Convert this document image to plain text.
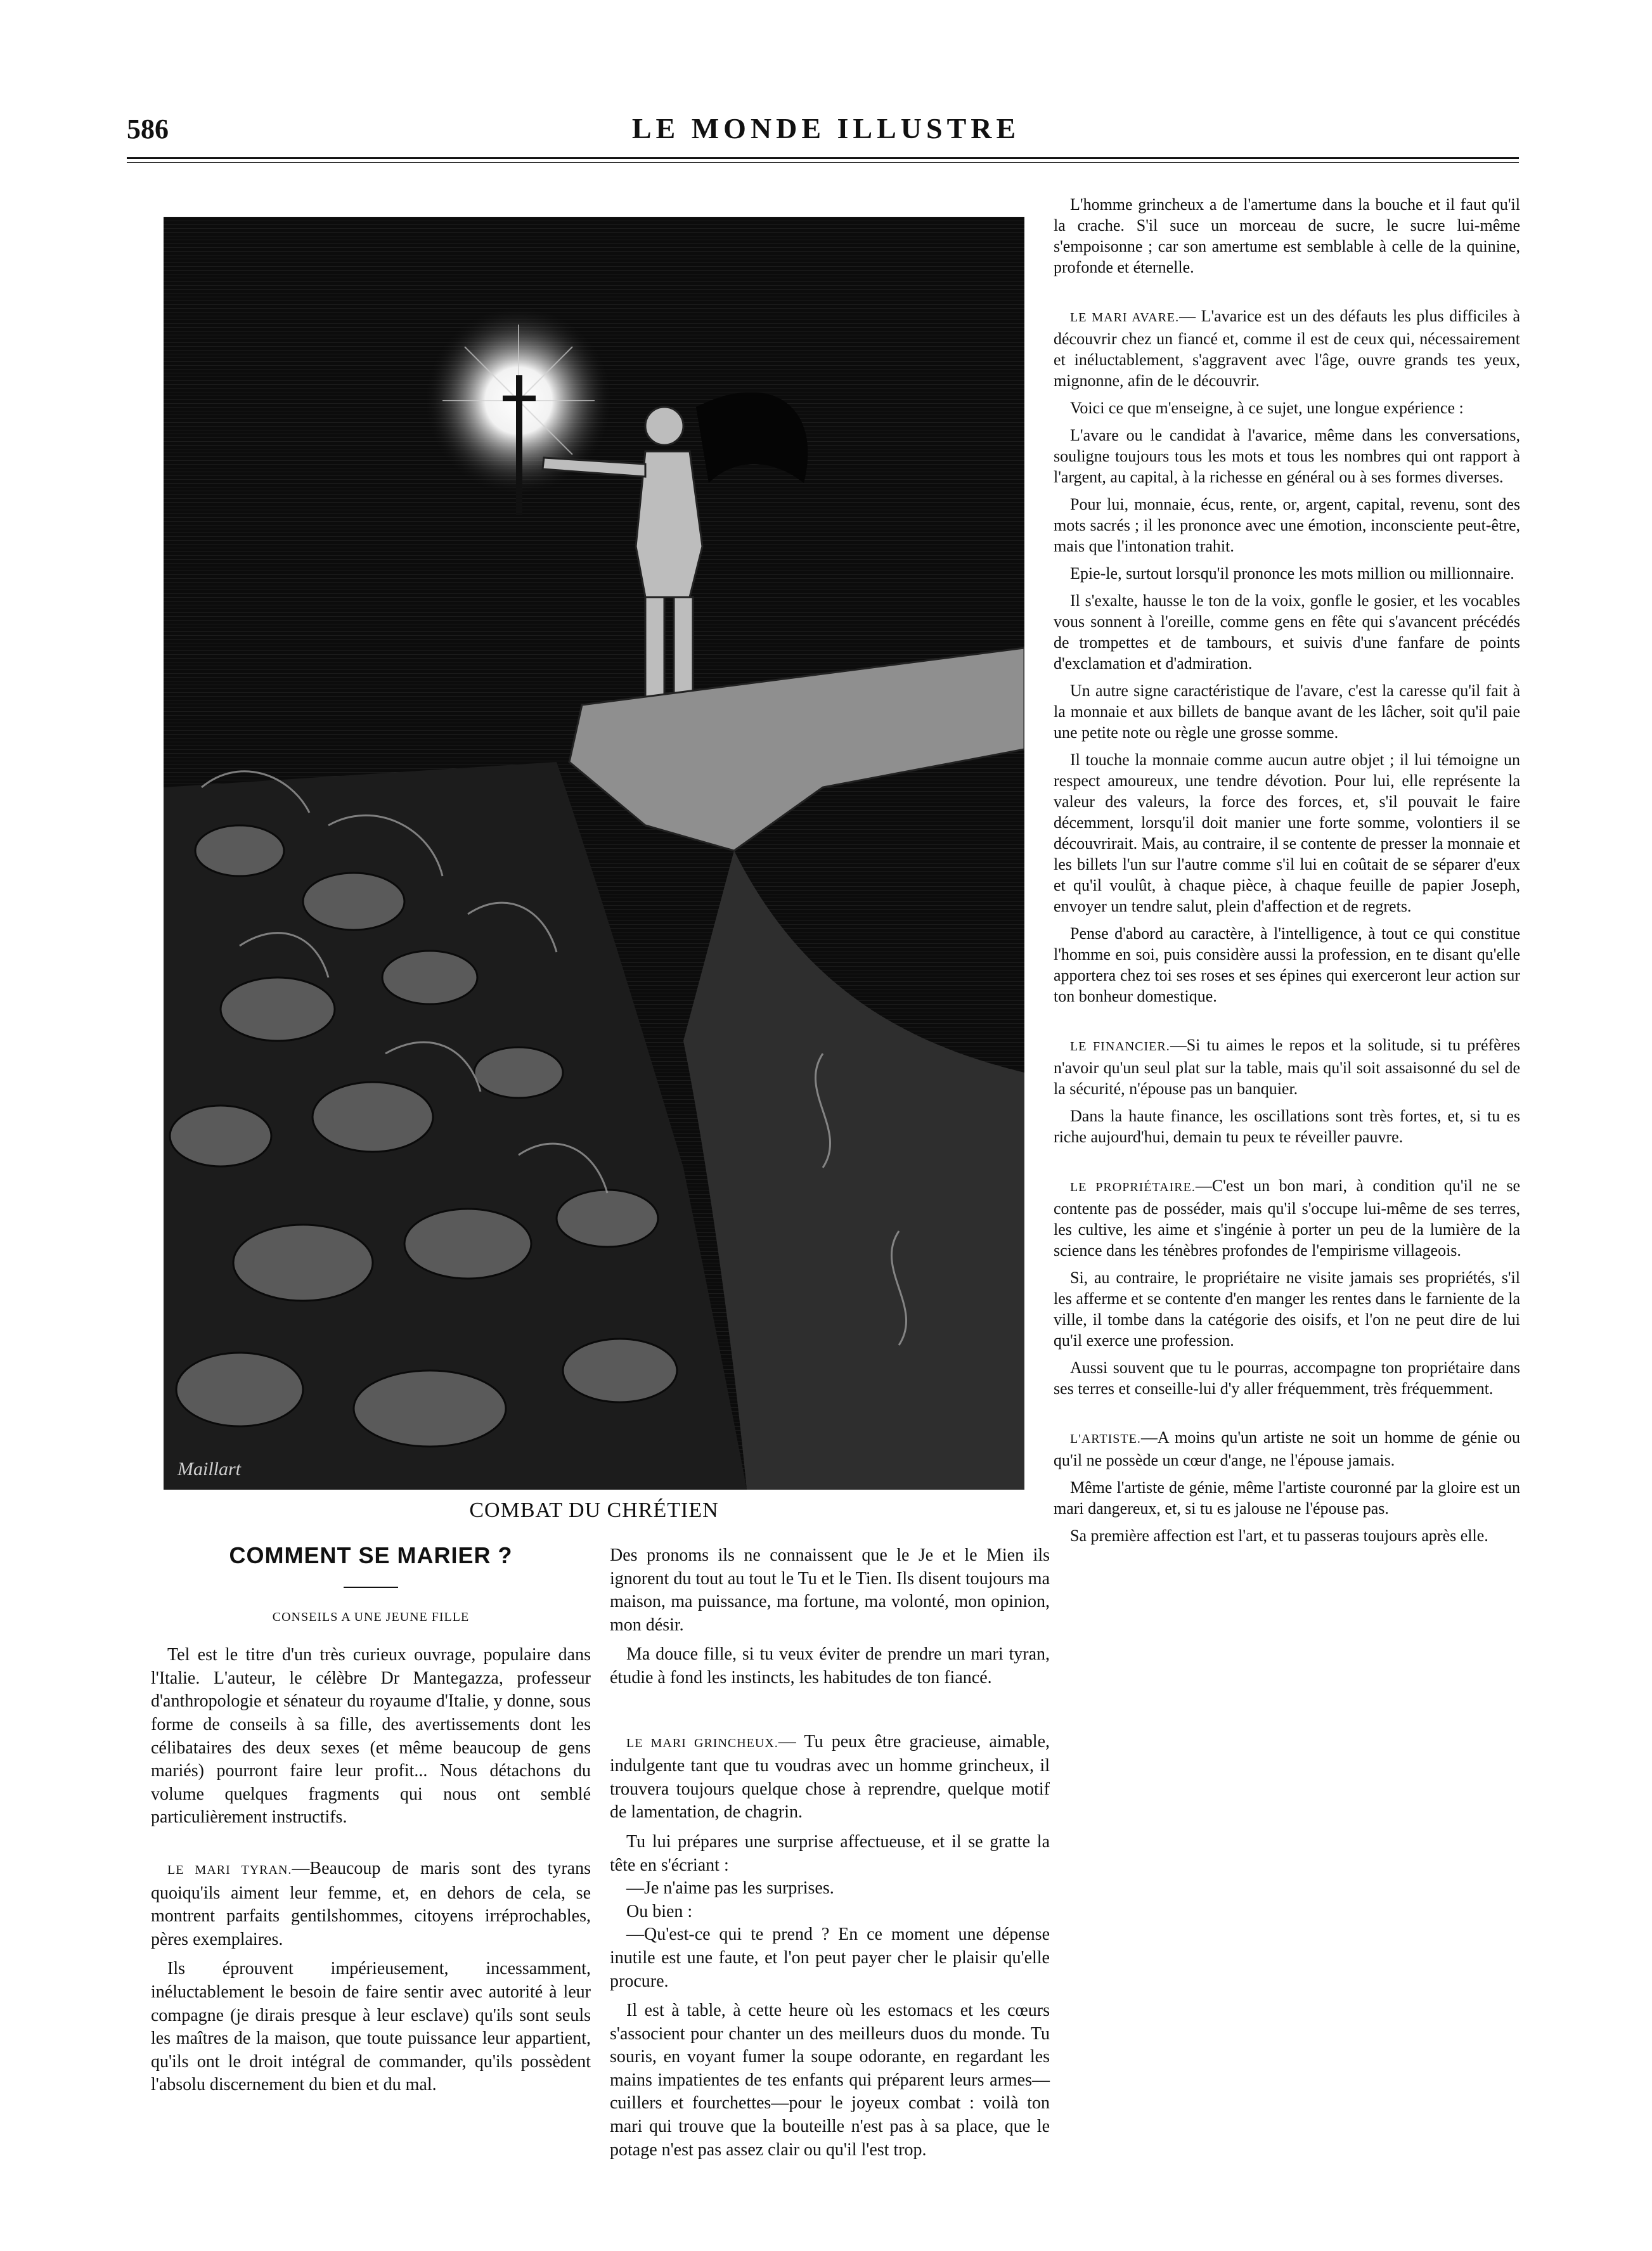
586	LE MONDE ILLUSTRE
Maillart
COMBAT DU CHRÉTIEN
COMMENT SE MARIER ?
CONSEILS A UNE JEUNE FILLE

Tel est le titre d'un très curieux ouvrage, populaire dans l'Italie. L'auteur, le célèbre Dr Mantegazza, professeur d'anthropologie et sénateur du royaume d'Italie, y donne, sous forme de conseils à sa fille, des avertissements dont les célibataires des deux sexes (et même beaucoup de gens mariés) pourront faire leur profit... Nous détachons du volume quelques fragments qui nous ont semblé particulièrement instructifs.

LE MARI TYRAN.—Beaucoup de maris sont des tyrans quoiqu'ils aiment leur femme, et, en dehors de cela, se montrent parfaits gentilshommes, citoyens irréprochables, pères exemplaires.

Ils éprouvent impérieusement, incessamment, inéluctablement le besoin de faire sentir avec autorité à leur compagne (je dirais presque à leur esclave) qu'ils sont seuls les maîtres de la maison, que toute puissance leur appartient, qu'ils ont le droit intégral de commander, qu'ils possèdent l'absolu discernement du bien et du mal.

Des pronoms ils ne connaissent que le Je et le Mien ils ignorent du tout au tout le Tu et le Tien. Ils disent toujours ma maison, ma puissance, ma fortune, ma volonté, mon opinion, mon désir.

Ma douce fille, si tu veux éviter de prendre un mari tyran, étudie à fond les instincts, les habitudes de ton fiancé.

LE MARI GRINCHEUX.— Tu peux être gracieuse, aimable, indulgente tant que tu voudras avec un homme grincheux, il trouvera toujours quelque chose à reprendre, quelque motif de lamentation, de chagrin.

Tu lui prépares une surprise affectueuse, et il se gratte la tête en s'écriant :

—Je n'aime pas les surprises.

Ou bien :

—Qu'est-ce qui te prend ? En ce moment une dépense inutile est une faute, et l'on peut payer cher le plaisir qu'elle procure.

Il est à table, à cette heure où les estomacs et les cœurs s'associent pour chanter un des meilleurs duos du monde. Tu souris, en voyant fumer la soupe odorante, en regardant les mains impatientes de tes enfants qui préparent leurs armes—cuillers et fourchettes—pour le joyeux combat : voilà ton mari qui trouve que la bouteille n'est pas à sa place, que le potage n'est pas assez clair ou qu'il l'est trop.

L'homme grincheux a de l'amertume dans la bouche et il faut qu'il la crache. S'il suce un morceau de sucre, le sucre lui-même s'empoisonne ; car son amertume est semblable à celle de la quinine, profonde et éternelle.

LE MARI AVARE.— L'avarice est un des défauts les plus difficiles à découvrir chez un fiancé et, comme il est de ceux qui, nécessairement et inéluctablement, s'aggravent avec l'âge, ouvre grands tes yeux, mignonne, afin de le découvrir.

Voici ce que m'enseigne, à ce sujet, une longue expérience :

L'avare ou le candidat à l'avarice, même dans les conversations, souligne toujours tous les mots et tous les nombres qui ont rapport à l'argent, au capital, à la richesse en général ou à ses formes diverses.

Pour lui, monnaie, écus, rente, or, argent, capital, revenu, sont des mots sacrés ; il les prononce avec une émotion, inconsciente peut-être, mais que l'intonation trahit.

Epie-le, surtout lorsqu'il prononce les mots million ou millionnaire.

Il s'exalte, hausse le ton de la voix, gonfle le gosier, et les vocables vous sonnent à l'oreille, comme gens en fête qui s'avancent précédés de trompettes et de tambours, et suivis d'une fanfare de points d'exclamation et d'admiration.

Un autre signe caractéristique de l'avare, c'est la caresse qu'il fait à la monnaie et aux billets de banque avant de les lâcher, soit qu'il paie une petite note ou règle une grosse somme.

Il touche la monnaie comme aucun autre objet ; il lui témoigne un respect amoureux, une tendre dévotion. Pour lui, elle représente la valeur des valeurs, la force des forces, et, s'il pouvait le faire décemment, lorsqu'il doit manier une forte somme, volontiers il se découvrirait. Mais, au contraire, il se contente de presser la monnaie et les billets l'un sur l'autre comme s'il lui en coûtait de se séparer d'eux et qu'il voulût, à chaque pièce, à chaque feuille de papier Joseph, envoyer un tendre salut, plein d'affection et de regrets.

Pense d'abord au caractère, à l'intelligence, à tout ce qui constitue l'homme en soi, puis considère aussi la profession, en te disant qu'elle apportera chez toi ses roses et ses épines qui exerceront leur action sur ton bonheur domestique.

LE FINANCIER.—Si tu aimes le repos et la solitude, si tu préfères n'avoir qu'un seul plat sur la table, mais qu'il soit assaisonné du sel de la sécurité, n'épouse pas un banquier.

Dans la haute finance, les oscillations sont très fortes, et, si tu es riche aujourd'hui, demain tu peux te réveiller pauvre.

LE PROPRIÉTAIRE.—C'est un bon mari, à condition qu'il ne se contente pas de posséder, mais qu'il s'occupe lui-même de ses terres, les cultive, les aime et s'ingénie à porter un peu de la lumière de la science dans les ténèbres profondes de l'empirisme villageois.

Si, au contraire, le propriétaire ne visite jamais ses propriétés, s'il les afferme et se contente d'en manger les rentes dans le farniente de la ville, il tombe dans la catégorie des oisifs, et l'on ne peut dire de lui qu'il exerce une profession.

Aussi souvent que tu le pourras, accompagne ton propriétaire dans ses terres et conseille-lui d'y aller fréquemment, très fréquemment.

L'ARTISTE.—A moins qu'un artiste ne soit un homme de génie ou qu'il ne possède un cœur d'ange, ne l'épouse jamais.

Même l'artiste de génie, même l'artiste couronné par la gloire est un mari dangereux, et, si tu es jalouse ne l'épouse pas.

Sa première affection est l'art, et tu passeras toujours après elle.
